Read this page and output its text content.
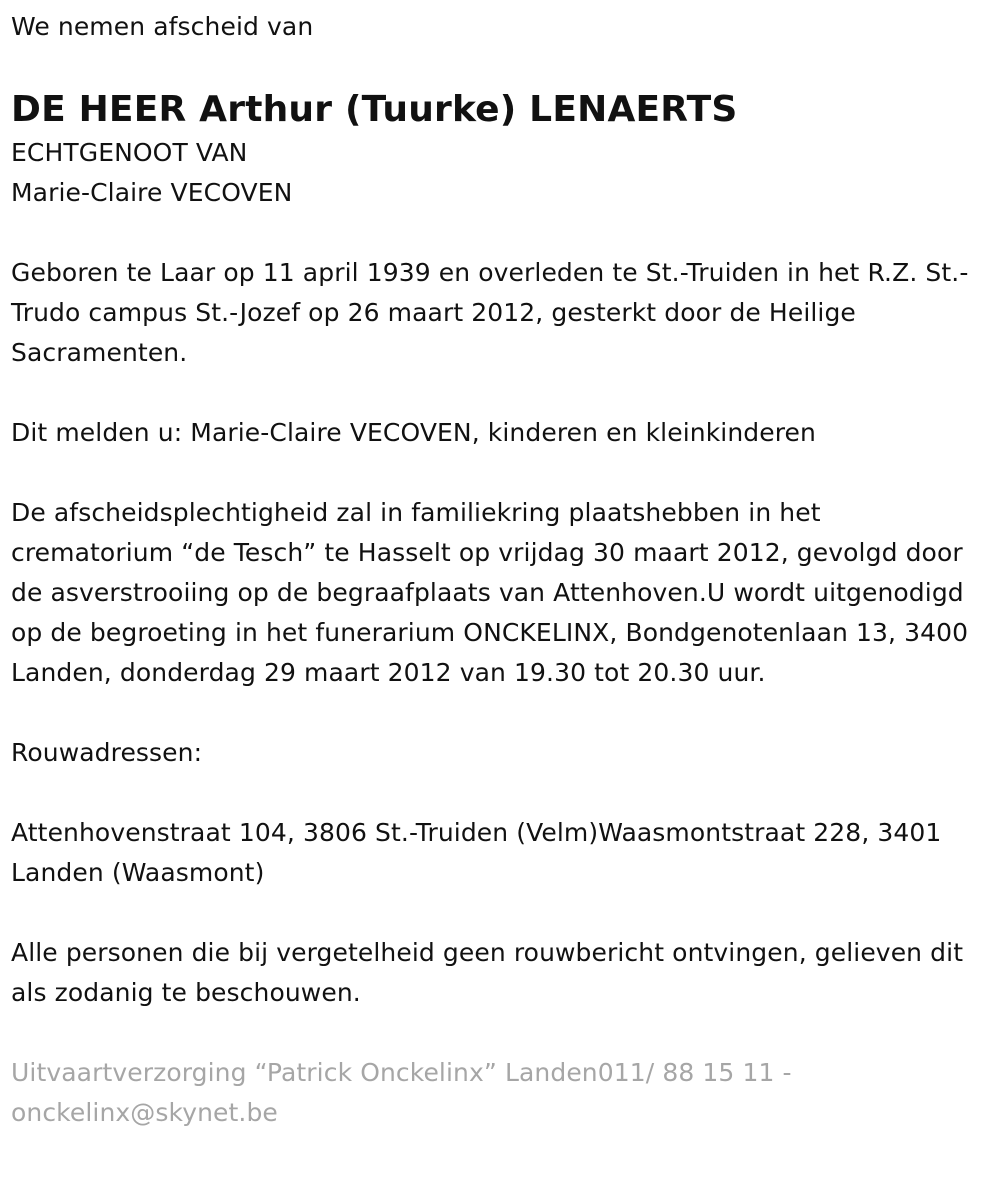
We nemen afscheid van

DE HEER Arthur (Tuurke) LENAERTS

ECHTGENOOT VAN

Marie-Claire VECOVEN

Geboren te Laar op 11 april 1939 en overleden te St.-Truiden in het R.Z. St.-Trudo campus St.-Jozef op 26 maart 2012, gesterkt door de Heilige Sacramenten.

Dit melden u: Marie-Claire VECOVEN, kinderen en kleinkinderen

De afscheidsplechtigheid zal in familiekring plaatshebben in het crematorium “de Tesch” te Hasselt op vrijdag 30 maart 2012, gevolgd door de asverstrooiing op de begraafplaats van Attenhoven.U wordt uitgenodigd op de begroeting in het funerarium ONCKELINX, Bondgenotenlaan 13, 3400 Landen, donderdag 29 maart 2012 van 19.30 tot 20.30 uur.

Rouwadressen:

Attenhovenstraat 104, 3806 St.-Truiden (Velm)Waasmontstraat 228, 3401 Landen (Waasmont)

Alle personen die bij vergetelheid geen rouwbericht ontvingen, gelieven dit als zodanig te beschouwen.

Uitvaartverzorging “Patrick Onckelinx” Landen011/ 88 15 11 - onckelinx@skynet.be
